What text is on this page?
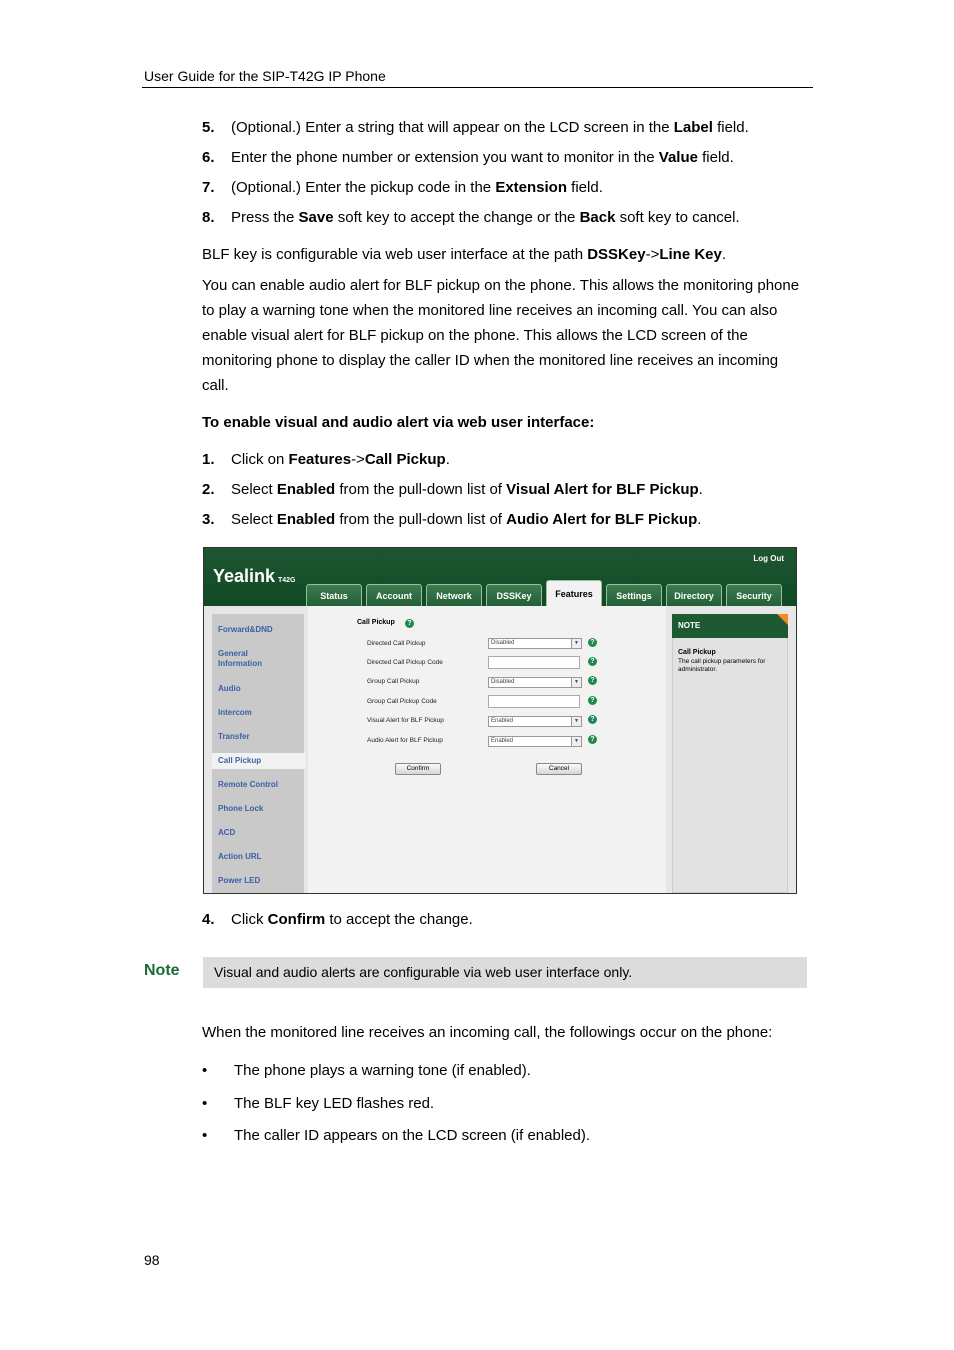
User Guide for the SIP-T42G IP Phone
5. (Optional.) Enter a string that will appear on the LCD screen in the Label field.
6. Enter the phone number or extension you want to monitor in the Value field.
7. (Optional.) Enter the pickup code in the Extension field.
8. Press the Save soft key to accept the change or the Back soft key to cancel.
BLF key is configurable via web user interface at the path DSSKey->Line Key.
You can enable audio alert for BLF pickup on the phone. This allows the monitoring phone to play a warning tone when the monitored line receives an incoming call. You can also enable visual alert for BLF pickup on the phone. This allows the LCD screen of the monitoring phone to display the caller ID when the monitored line receives an incoming call.
To enable visual and audio alert via web user interface:
1. Click on Features->Call Pickup.
2. Select Enabled from the pull-down list of Visual Alert for BLF Pickup.
3. Select Enabled from the pull-down list of Audio Alert for BLF Pickup.
Yealink T42G
Log Out
Status	Account	Network	DSSKey	Features	Settings	Directory	Security
Forward&DND
General Information
Audio
Intercom
Transfer
Call Pickup
Remote Control
Phone Lock
ACD
Action URL
Power LED
Call Pickup	?
Directed Call Pickup	Disabled	▼	?
Directed Call Pickup Code	?
Group Call Pickup	Disabled	▼	?
Group Call Pickup Code	?
Visual Alert for BLF Pickup	Enabled	▼	?
Audio Alert for BLF Pickup	Enabled	▼	?
Confirm	Cancel
NOTE
Call Pickup
The call pickup parameters for administrator.
4. Click Confirm to accept the change.
Note Visual and audio alerts are configurable via web user interface only.
When the monitored line receives an incoming call, the followings occur on the phone:
• The phone plays a warning tone (if enabled).
• The BLF key LED flashes red.
• The caller ID appears on the LCD screen (if enabled).
98
